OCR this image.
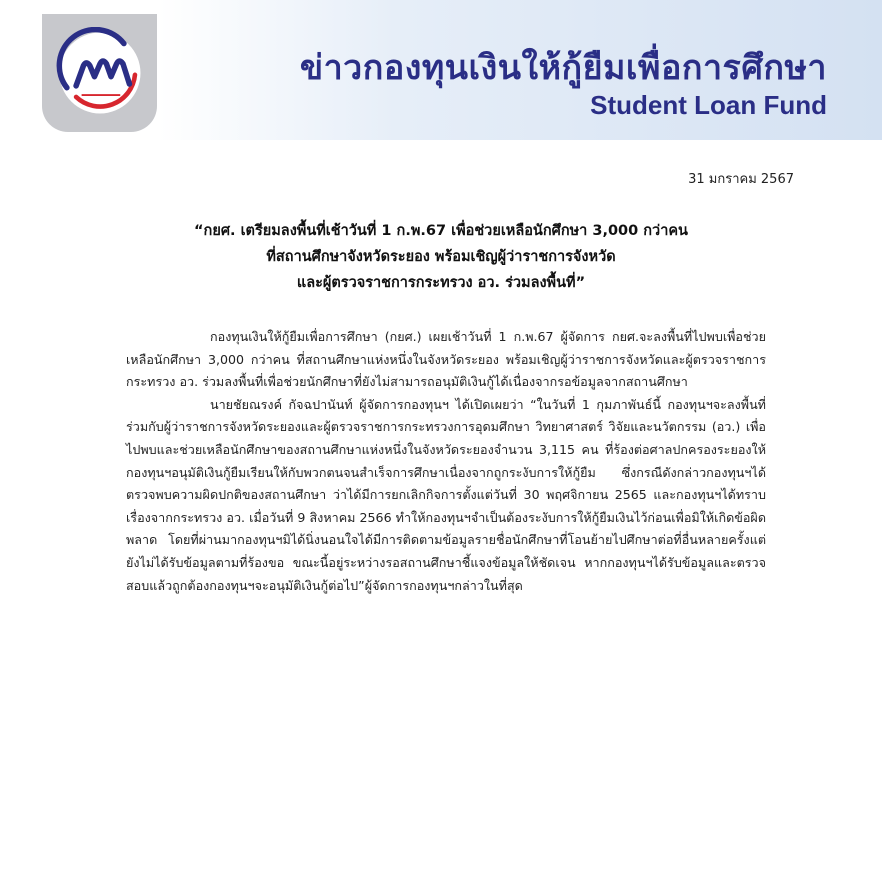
ข่าวกองทุนเงินให้กู้ยืมเพื่อการศึกษา
Student Loan Fund
31 มกราคม 2567
“กยศ. เตรียมลงพื้นที่เช้าวันที่ 1 ก.พ.67 เพื่อช่วยเหลือนักศึกษา 3,000 กว่าคน
ที่สถานศึกษาจังหวัดระยอง พร้อมเชิญผู้ว่าราชการจังหวัด
และผู้ตรวจราชการกระทรวง อว. ร่วมลงพื้นที่”

กองทุนเงินให้กู้ยืมเพื่อการศึกษา (กยศ.) เผยเช้าวันที่ 1 ก.พ.67 ผู้จัดการ กยศ.จะลงพื้นที่ไปพบเพื่อช่วยเหลือนักศึกษา 3,000 กว่าคน ที่สถานศึกษาแห่งหนึ่งในจังหวัดระยอง พร้อมเชิญผู้ว่าราชการจังหวัดและผู้ตรวจราชการกระทรวง อว. ร่วมลงพื้นที่เพื่อช่วยนักศึกษาที่ยังไม่สามารถอนุมัติเงินกู้ได้เนื่องจากรอข้อมูลจากสถานศึกษา

นายชัยณรงค์ กัจฉปานันท์ ผู้จัดการกองทุนฯ ได้เปิดเผยว่า “ในวันที่ 1 กุมภาพันธ์นี้ กองทุนฯจะลงพื้นที่ร่วมกับผู้ว่าราชการจังหวัดระยองและผู้ตรวจราชการกระทรวงการอุดมศึกษา วิทยาศาสตร์ วิจัยและนวัตกรรม (อว.) เพื่อไปพบและช่วยเหลือนักศึกษาของสถานศึกษาแห่งหนึ่งในจังหวัดระยองจำนวน 3,115 คน ที่ร้องต่อศาลปกครองระยองให้กองทุนฯอนุมัติเงินกู้ยืมเรียนให้กับพวกตนจนสำเร็จการศึกษาเนื่องจากถูกระงับการให้กู้ยืม ซึ่งกรณีดังกล่าวกองทุนฯได้ตรวจพบความผิดปกติของสถานศึกษา ว่าได้มีการยกเลิกกิจการตั้งแต่วันที่ 30 พฤศจิกายน 2565 และกองทุนฯได้ทราบเรื่องจากกระทรวง อว. เมื่อวันที่ 9 สิงหาคม 2566 ทำให้กองทุนฯจำเป็นต้องระงับการให้กู้ยืมเงินไว้ก่อนเพื่อมิให้เกิดข้อผิดพลาด โดยที่ผ่านมากองทุนฯมิได้นิ่งนอนใจได้มีการติดตามข้อมูลรายชื่อนักศึกษาที่โอนย้ายไปศึกษาต่อที่อื่นหลายครั้งแต่ยังไม่ได้รับข้อมูลตามที่ร้องขอ ขณะนี้อยู่ระหว่างรอสถานศึกษาชี้แจงข้อมูลให้ชัดเจน หากกองทุนฯได้รับข้อมูลและตรวจสอบแล้วถูกต้องกองทุนฯจะอนุมัติเงินกู้ต่อไป”ผู้จัดการกองทุนฯกล่าวในที่สุด
